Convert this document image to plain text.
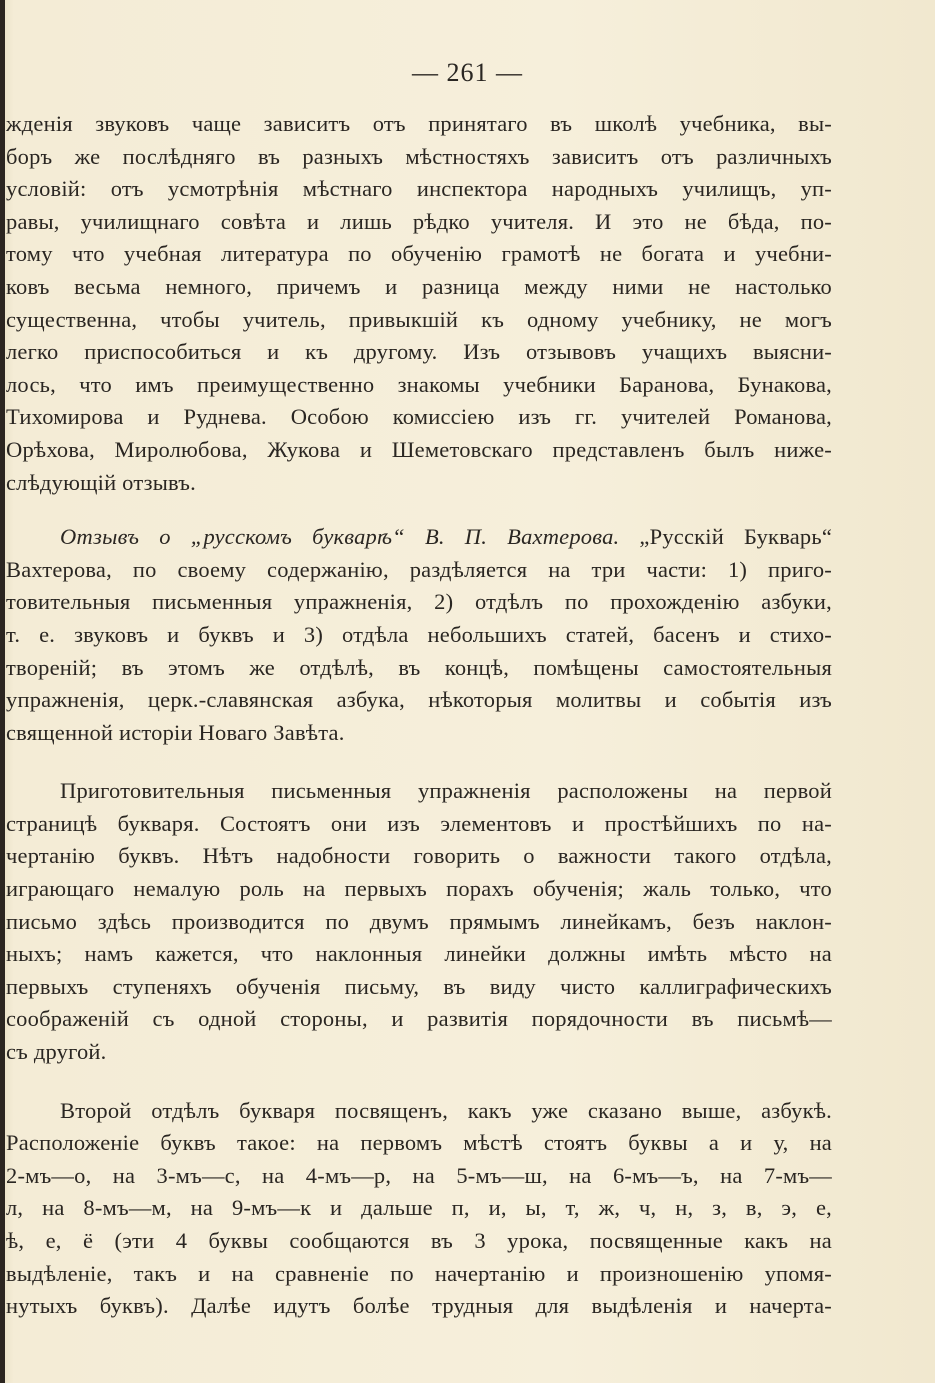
— 261 —
жденія звуковъ чаще зависитъ отъ принятаго въ школѣ учебника, вы-
боръ же послѣдняго въ разныхъ мѣстностяхъ зависитъ отъ различныхъ
условій: отъ усмотрѣнія мѣстнаго инспектора народныхъ училищъ, уп-
равы, училищнаго совѣта и лишь рѣдко учителя. И это не бѣда, по-
тому что учебная литература по обученію грамотѣ не богата и учебни-
ковъ весьма немного, причемъ и разница между ними не настолько
существенна, чтобы учитель, привыкшій къ одному учебнику, не могъ
легко приспособиться и къ другому. Изъ отзывовъ учащихъ выясни-
лось, что имъ преимущественно знакомы учебники Баранова, Бунакова,
Тихомирова и Руднева. Особою комиссіею изъ гг. учителей Романова,
Орѣхова, Миролюбова, Жукова и Шеметовскаго представленъ былъ ниже-
слѣдующій отзывъ.
Отзывъ о „русскомъ букварѣ“ В. П. Вахтерова. „Русскій Букварь“
Вахтерова, по своему содержанію, раздѣляется на три части: 1) приго-
товительныя письменныя упражненія, 2) отдѣлъ по прохожденію азбуки,
т. е. звуковъ и буквъ и 3) отдѣла небольшихъ статей, басенъ и стихо-
твореній; въ этомъ же отдѣлѣ, въ концѣ, помѣщены самостоятельныя
упражненія, церк.-славянская азбука, нѣкоторыя молитвы и событія изъ
священной исторіи Новаго Завѣта.
Приготовительныя письменныя упражненія расположены на первой
страницѣ букваря. Состоятъ они изъ элементовъ и простѣйшихъ по на-
чертанію буквъ. Нѣтъ надобности говорить о важности такого отдѣла,
играющаго немалую роль на первыхъ порахъ обученія; жаль только, что
письмо здѣсь производится по двумъ прямымъ линейкамъ, безъ наклон-
ныхъ; намъ кажется, что наклонныя линейки должны имѣть мѣсто на
первыхъ ступеняхъ обученія письму, въ виду чисто каллиграфическихъ
соображеній съ одной стороны, и развитія порядочности въ письмѣ—
съ другой.
Второй отдѣлъ букваря посвященъ, какъ уже сказано выше, азбукѣ.
Расположеніе буквъ такое: на первомъ мѣстѣ стоятъ буквы а и у, на
2-мъ—о, на 3-мъ—с, на 4-мъ—р, на 5-мъ—ш, на 6-мъ—ъ, на 7-мъ—
л, на 8-мъ—м, на 9-мъ—к и дальше п, и, ы, т, ж, ч, н, з, в, э, е,
ѣ, е, ё (эти 4 буквы сообщаются въ 3 урока, посвященные какъ на
выдѣленіе, такъ и на сравненіе по начертанію и произношенію упомя-
нутыхъ буквъ). Далѣе идутъ болѣе трудныя для выдѣленія и начерта-
